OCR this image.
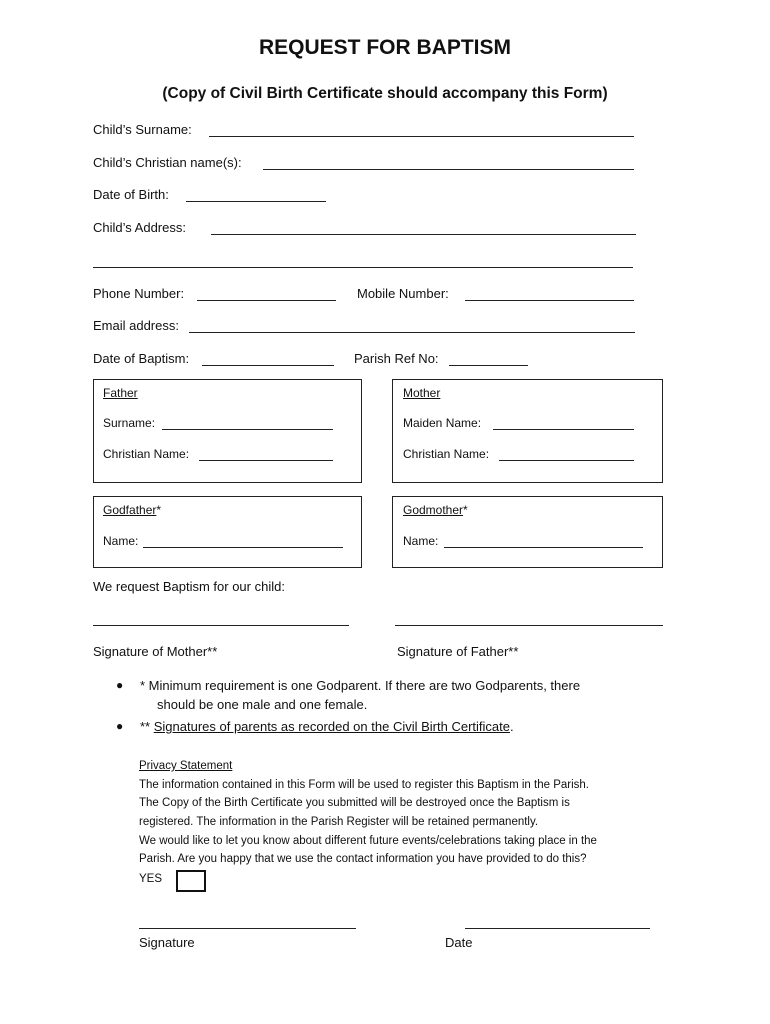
REQUEST FOR BAPTISM
(Copy of Civil Birth Certificate should accompany this Form)
Child’s Surname:
Child’s Christian name(s):
Date of Birth:
Child’s Address:
Phone Number:	Mobile Number:
Email address:
Date of Baptism:	Parish Ref No:
Father
Surname:
Christian Name:
Mother
Maiden Name:
Christian Name:
Godfather*
Name:
Godmother*
Name:
We request Baptism for our child:
Signature of Mother**	Signature of Father**
● * Minimum requirement is one Godparent. If there are two Godparents, there
should be one male and one female.
● ** Signatures of parents as recorded on the Civil Birth Certificate.
Privacy Statement
The information contained in this Form will be used to register this Baptism in the Parish.
The Copy of the Birth Certificate you submitted will be destroyed once the Baptism is
registered. The information in the Parish Register will be retained permanently.
We would like to let you know about different future events/celebrations taking place in the
Parish. Are you happy that we use the contact information you have provided to do this?
YES
Signature	Date
